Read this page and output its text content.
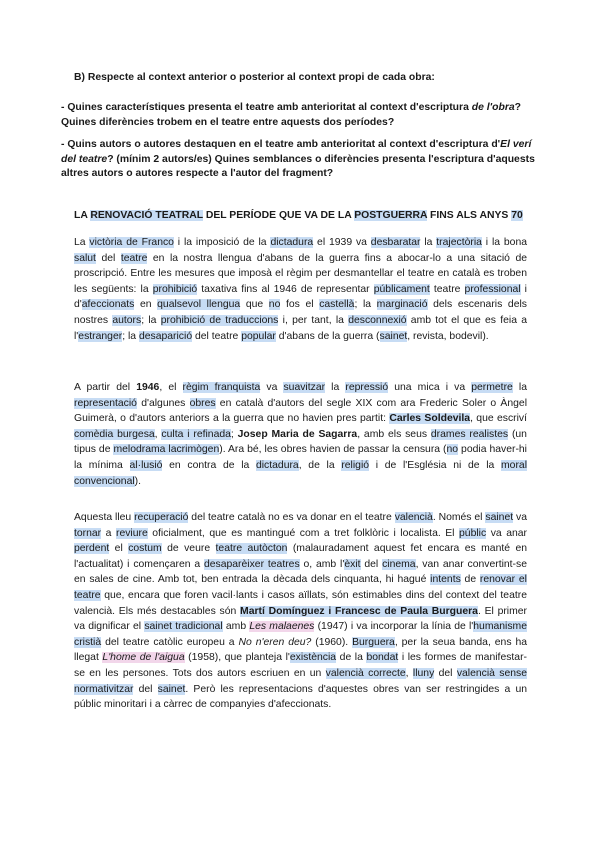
B) Respecte al context anterior o posterior al context propi de cada obra:
- Quines característiques presenta el teatre amb anterioritat al context d'escriptura de l'obra? Quines diferències trobem en el teatre entre aquests dos períodes?
- Quins autors o autores destaquen en el teatre amb anterioritat al context d'escriptura d'El verí del teatre? (mínim 2 autors/es) Quines semblances o diferències presenta l'escriptura d'aquests altres autors o autores respecte a l'autor del fragment?
LA RENOVACIÓ TEATRAL DEL PERÍODE QUE VA DE LA POSTGUERRA FINS ALS ANYS 70
La victòria de Franco i la imposició de la dictadura el 1939 va desbaratar la trajectòria i la bona salut del teatre en la nostra llengua d'abans de la guerra fins a abocar-lo a una sitació de proscripció. Entre les mesures que imposà el règim per desmantellar el teatre en català es troben les següents: la prohibició taxativa fins al 1946 de representar públicament teatre professional i d'afeccionats en qualsevol llengua que no fos el castellà; la marginació dels escenaris dels nostres autors; la prohibició de traduccions i, per tant, la desconnexió amb tot el que es feia a l'estranger; la desaparició del teatre popular d'abans de la guerra (sainet, revista, bodevil).
A partir del 1946, el règim franquista va suavitzar la repressió una mica i va permetre la representació d'algunes obres en català d'autors del segle XIX com ara Frederic Soler o Àngel Guimerà, o d'autors anteriors a la guerra que no havien pres partit: Carles Soldevila, que escriví comèdia burgesa, culta i refinada; Josep Maria de Sagarra, amb els seus drames realistes (un tipus de melodrama lacrimògen). Ara bé, les obres havien de passar la censura (no podia haver-hi la mínima al·lusió en contra de la dictadura, de la religió i de l'Església ni de la moral convencional).
Aquesta lleu recuperació del teatre català no es va donar en el teatre valencià. Només el sainet va tornar a reviure oficialment, que es mantingué com a tret folklòric i localista. El públic va anar perdent el costum de veure teatre autòcton (malauradament aquest fet encara es manté en l'actualitat) i començaren a desaparèixer teatres o, amb l'èxit del cinema, van anar convertint-se en sales de cine. Amb tot, ben entrada la dècada dels cinquanta, hi hagué intents de renovar el teatre que, encara que foren vacil·lants i casos aïllats, són estimables dins del context del teatre valencià. Els més destacables són Martí Domínguez i Francesc de Paula Burguera. El primer va dignificar el sainet tradicional amb Les malaenes (1947) i va incorporar la línia de l'humanisme cristià del teatre catòlic europeu a No n'eren deu? (1960). Burguera, per la seua banda, ens ha llegat L'home de l'aigua (1958), que planteja l'existència de la bondat i les formes de manifestar-se en les persones. Tots dos autors escriuen en un valencià correcte, lluny del valencià sense normativitzar del sainet. Però les representacions d'aquestes obres van ser restringides a un públic minoritari i a càrrec de companyies d'afeccionats.
